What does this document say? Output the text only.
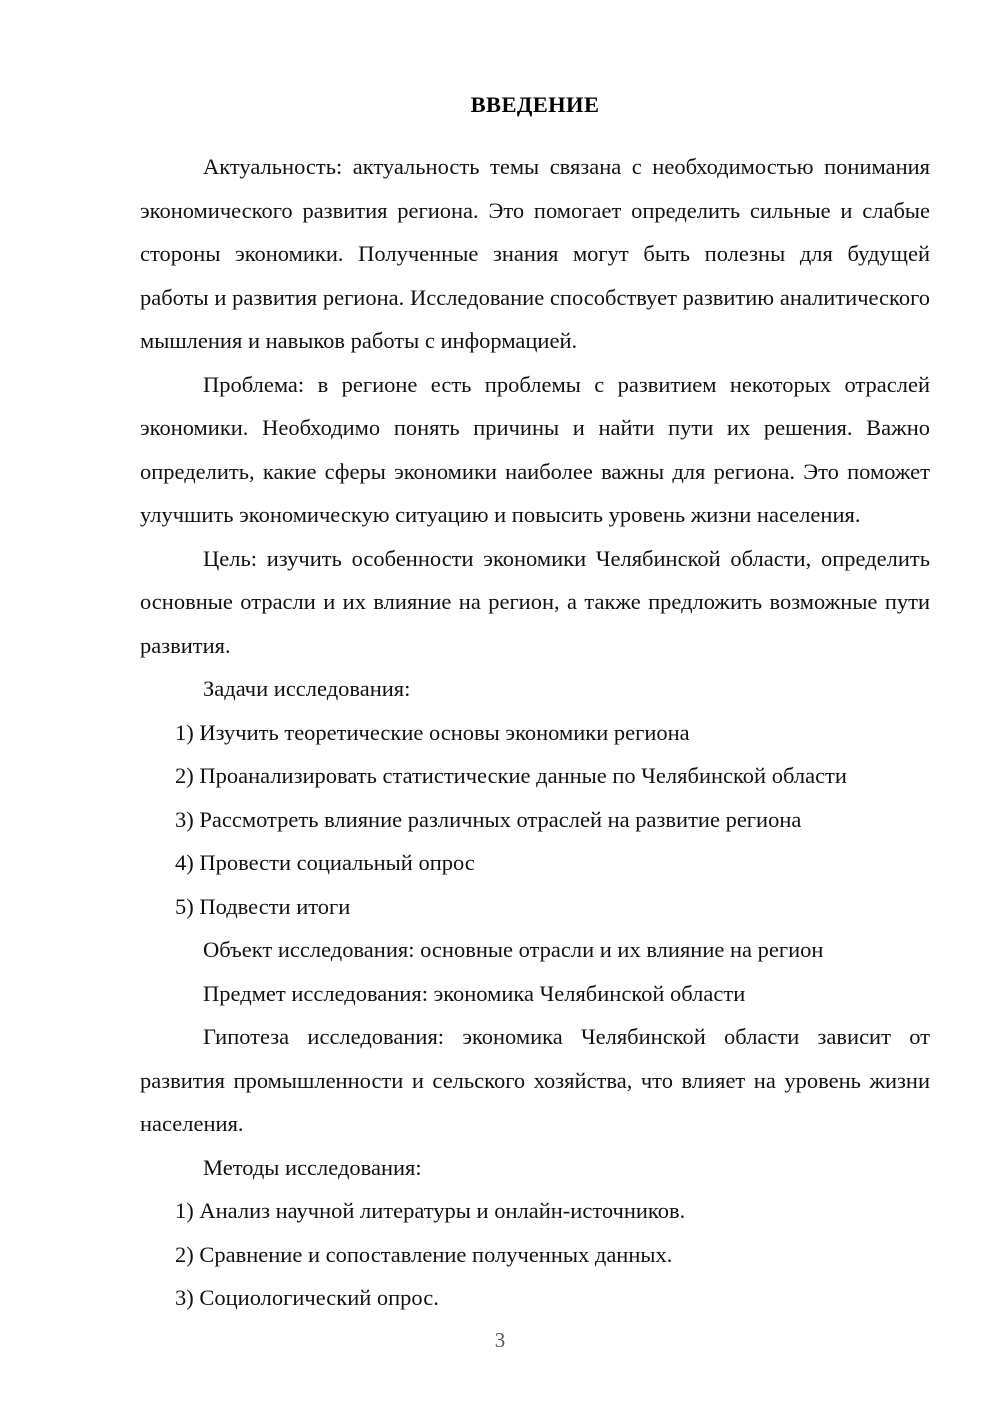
ВВЕДЕНИЕ

Актуальность: актуальность темы связана с необходимостью понимания экономического развития региона. Это помогает определить сильные и слабые стороны экономики. Полученные знания могут быть полезны для будущей работы и развития региона. Исследование способствует развитию аналитического мышления и навыков работы с информацией.

Проблема: в регионе есть проблемы с развитием некоторых отраслей экономики. Необходимо понять причины и найти пути их решения. Важно определить, какие сферы экономики наиболее важны для региона. Это поможет улучшить экономическую ситуацию и повысить уровень жизни населения.

Цель: изучить особенности экономики Челябинской области, определить основные отрасли и их влияние на регион, а также предложить возможные пути развития.

Задачи исследования:

1) Изучить теоретические основы экономики региона

2) Проанализировать статистические данные по Челябинской области

3) Рассмотреть влияние различных отраслей на развитие региона

4) Провести социальный опрос

5) Подвести итоги

Объект исследования: основные отрасли и их влияние на регион

Предмет исследования: экономика Челябинской области

Гипотеза исследования: экономика Челябинской области зависит от развития промышленности и сельского хозяйства, что влияет на уровень жизни населения.

Методы исследования:

1) Анализ научной литературы и онлайн-источников.

2) Сравнение и сопоставление полученных данных.

3) Социологический опрос.

3
